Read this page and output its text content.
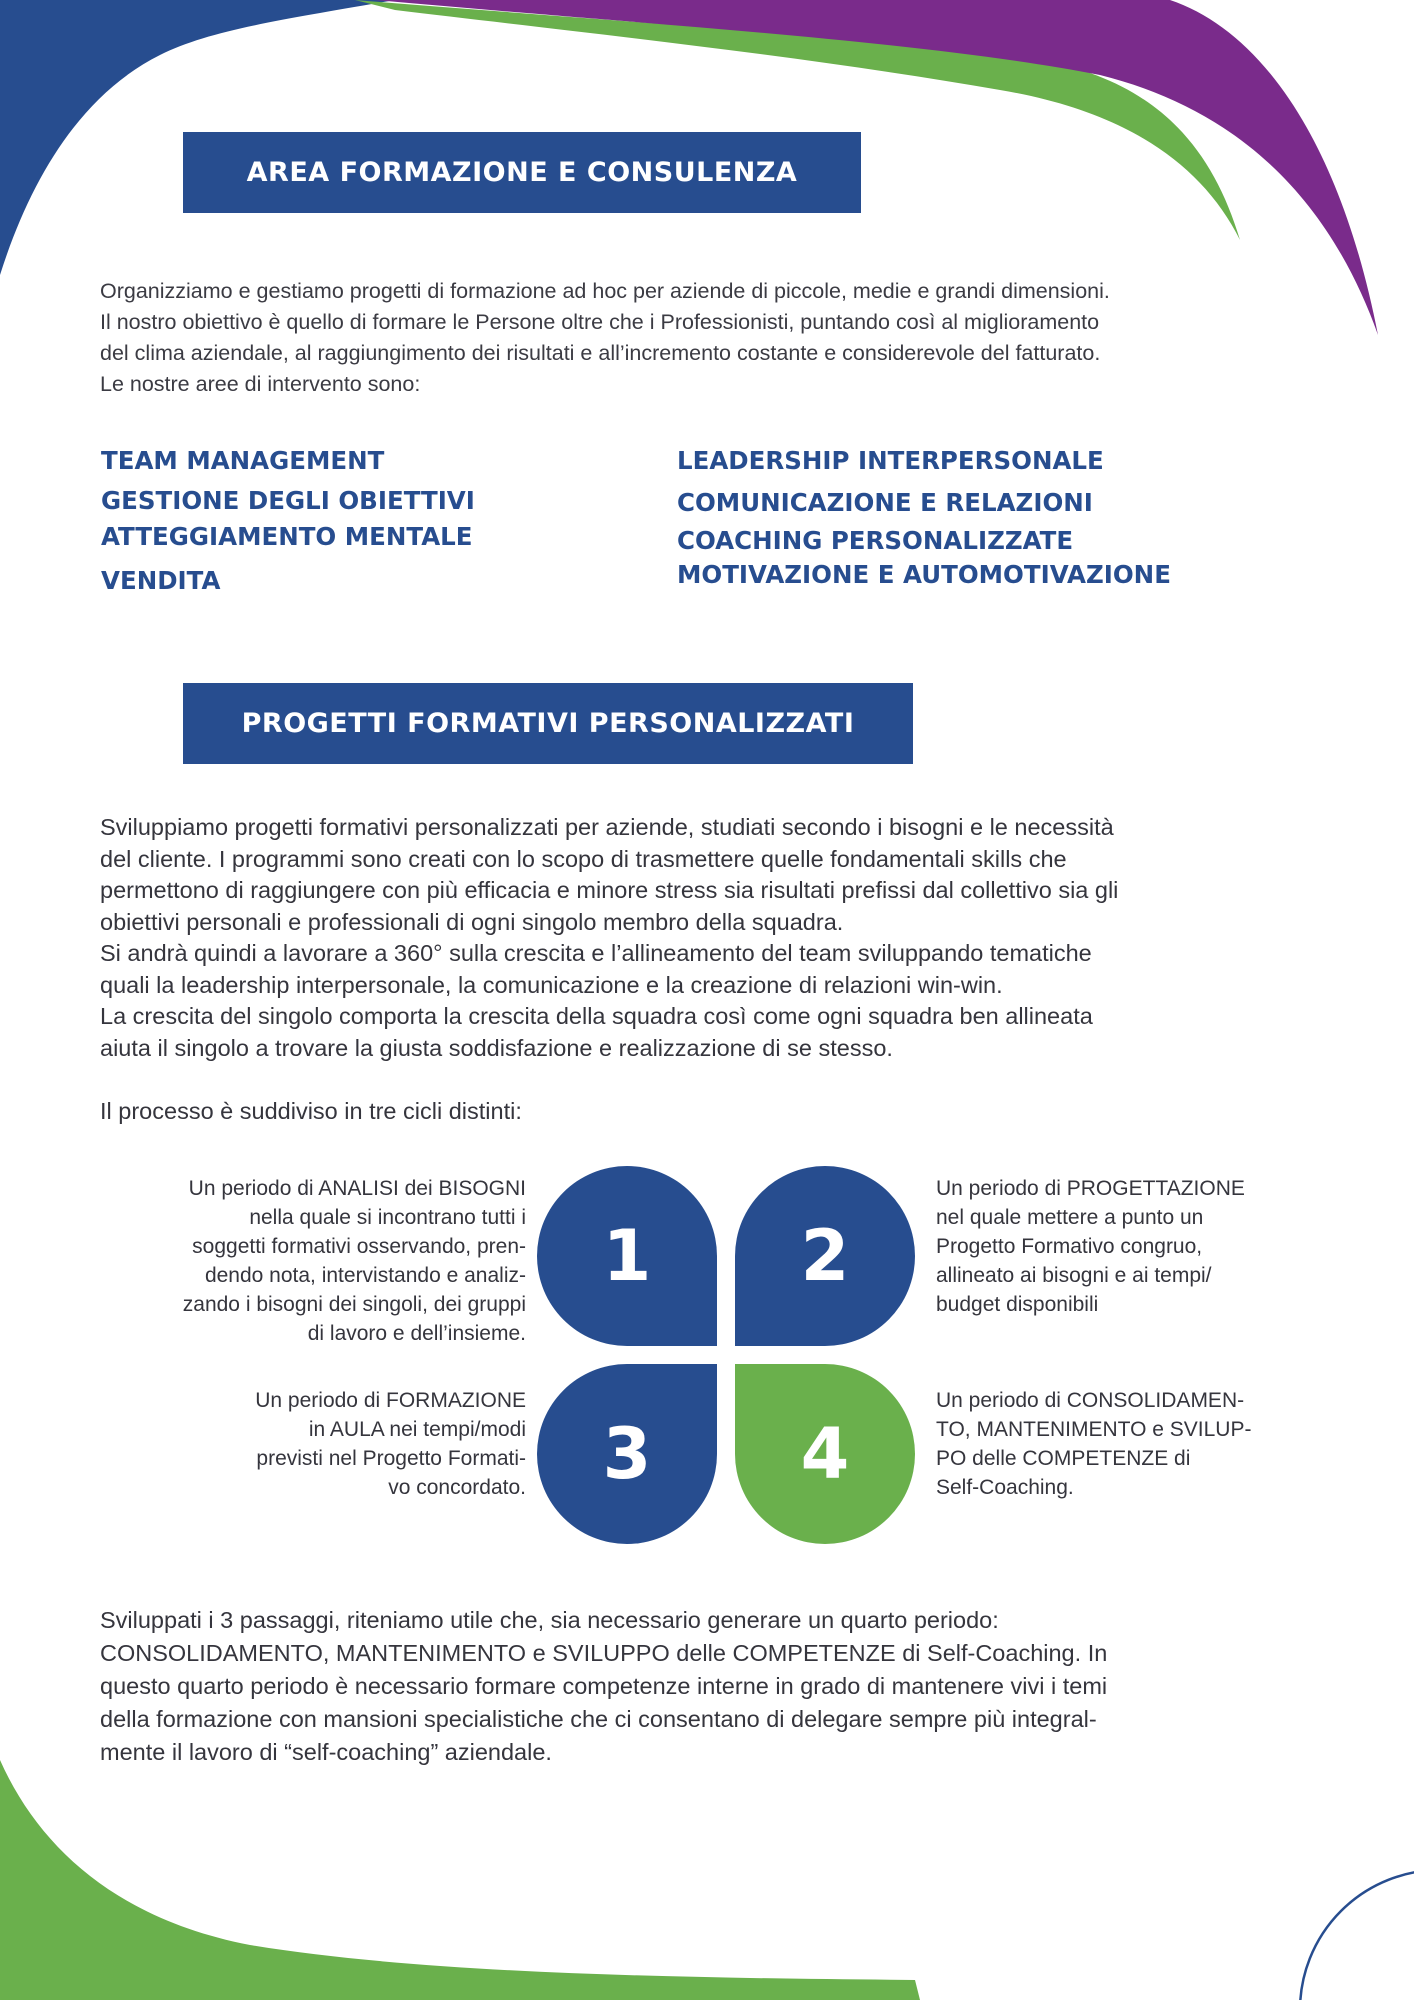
AREA FORMAZIONE E CONSULENZA
Organizziamo e gestiamo progetti di formazione ad hoc per aziende di piccole, medie e grandi dimensioni.
Il nostro obiettivo è quello di formare le Persone oltre che i Professionisti, puntando così al miglioramento
del clima aziendale, al raggiungimento dei risultati e all’incremento costante e considerevole del fatturato.
Le nostre aree di intervento sono:
TEAM MANAGEMENT
GESTIONE DEGLI OBIETTIVI
ATTEGGIAMENTO MENTALE
VENDITA
LEADERSHIP INTERPERSONALE
COMUNICAZIONE E RELAZIONI
COACHING PERSONALIZZATE
MOTIVAZIONE E AUTOMOTIVAZIONE
PROGETTI FORMATIVI PERSONALIZZATI
Sviluppiamo progetti formativi personalizzati per aziende, studiati secondo i bisogni e le necessità
del cliente. I programmi sono creati con lo scopo di trasmettere quelle fondamentali skills che
permettono di raggiungere con più efficacia e minore stress sia risultati prefissi dal collettivo sia gli
obiettivi personali e professionali di ogni singolo membro della squadra.
Si andrà quindi a lavorare a 360° sulla crescita e l’allineamento del team sviluppando tematiche
quali la leadership interpersonale, la comunicazione e la creazione di relazioni win-win.
La crescita del singolo comporta la crescita della squadra così come ogni squadra ben allineata
aiuta il singolo a trovare la giusta soddisfazione e realizzazione di se stesso.
Il processo è suddiviso in tre cicli distinti:
Un periodo di ANALISI dei BISOGNI
nella quale si incontrano tutti i
soggetti formativi osservando, pren-
dendo nota, intervistando e analiz-
zando i bisogni dei singoli, dei gruppi
di lavoro e dell’insieme.
Un periodo di PROGETTAZIONE
nel quale mettere a punto un
Progetto Formativo congruo,
allineato ai bisogni e ai tempi/
budget disponibili
Un periodo di FORMAZIONE
in AULA nei tempi/modi
previsti nel Progetto Formati-
vo concordato.
Un periodo di CONSOLIDAMEN-
TO, MANTENIMENTO e SVILUP-
PO delle COMPETENZE di
Self-Coaching.
1	2
3	4
Sviluppati i 3 passaggi, riteniamo utile che, sia necessario generare un quarto periodo:
CONSOLIDAMENTO, MANTENIMENTO e SVILUPPO delle COMPETENZE di Self-Coaching. In
questo quarto periodo è necessario formare competenze interne in grado di mantenere vivi i temi
della formazione con mansioni specialistiche che ci consentano di delegare sempre più integral-
mente il lavoro di “self-coaching” aziendale.
